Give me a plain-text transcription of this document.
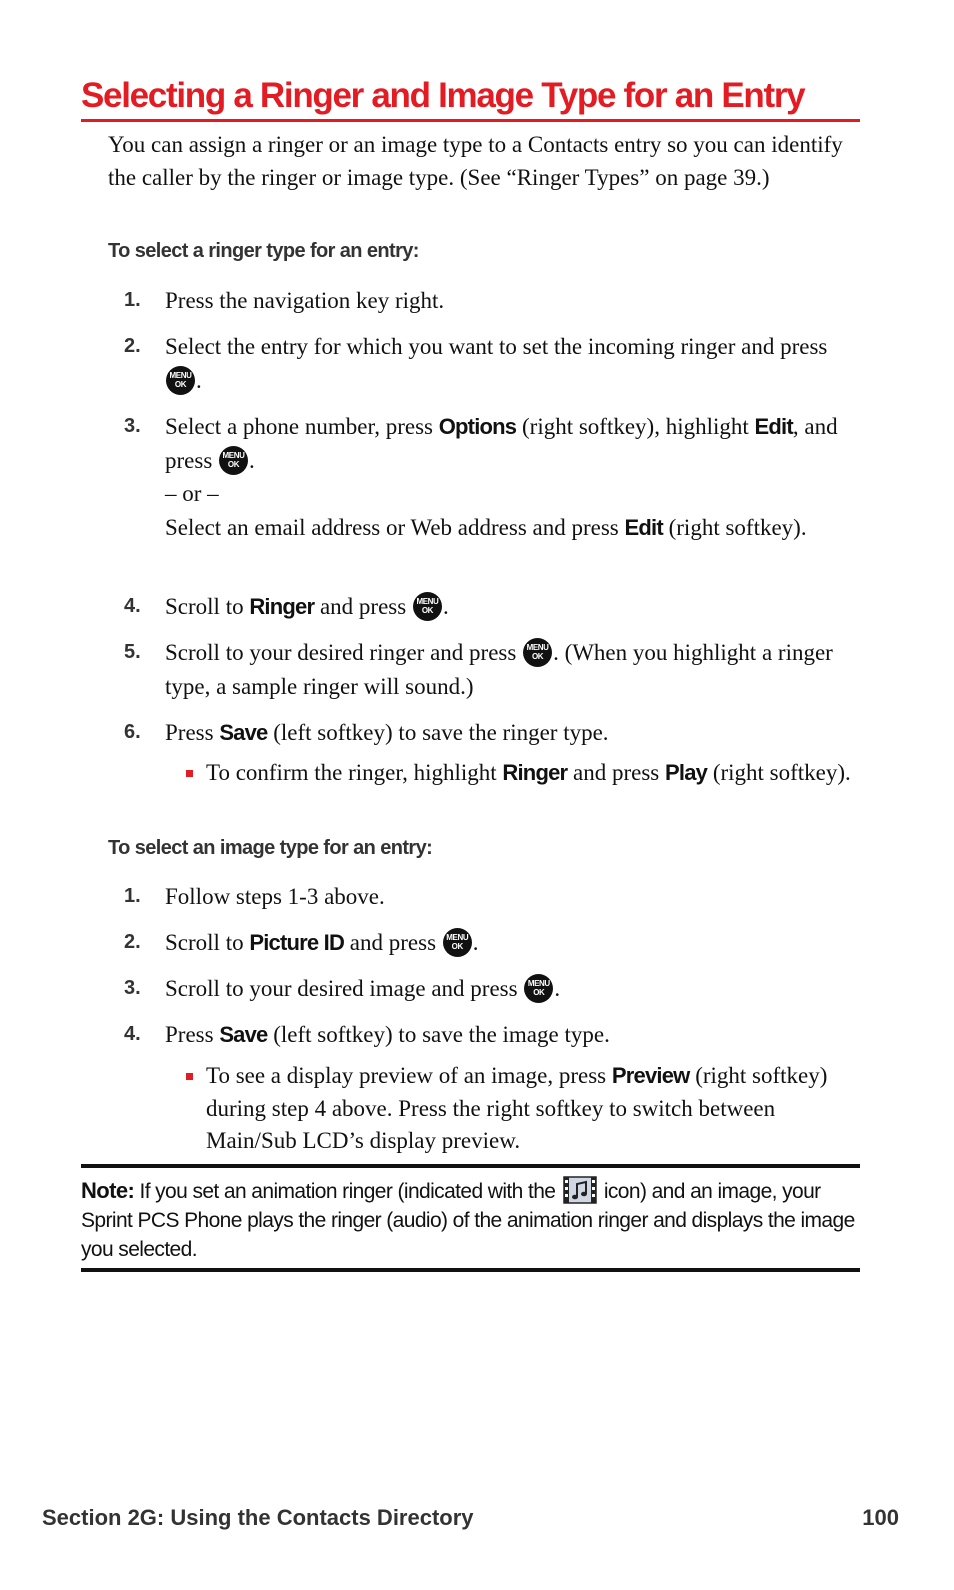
Selecting a Ringer and Image Type for an Entry

You can assign a ringer or an image type to a Contacts entry so you can identify the caller by the ringer or image type. (See “Ringer Types” on page 39.)

To select a ringer type for an entry:

1. Press the navigation key right.
2. Select the entry for which you want to set the incoming ringer and press
MENU
OK .
3. Select a phone number, press Options (right softkey), highlight Edit, and press MENU
OK .
– or –
Select an email address or Web address and press Edit (right softkey).
4. Scroll to Ringer and press MENU
OK .
5. Scroll to your desired ringer and press MENU
OK . (When you highlight a ringer type, a sample ringer will sound.)
6. Press Save (left softkey) to save the ringer type.
To confirm the ringer, highlight Ringer and press Play (right softkey).

To select an image type for an entry:

1. Follow steps 1-3 above.
2. Scroll to Picture ID and press MENU
OK .
3. Scroll to your desired image and press MENU
OK .
4. Press Save (left softkey) to save the image type.
To see a display preview of an image, press Preview (right softkey) during step 4 above. Press the right softkey to switch between Main/Sub LCD’s display preview.

Note: If you set an animation ringer (indicated with the  icon) and an image, your Sprint PCS Phone plays the ringer (audio) of the animation ringer and displays the image you selected.

Section 2G: Using the Contacts Directory	100
